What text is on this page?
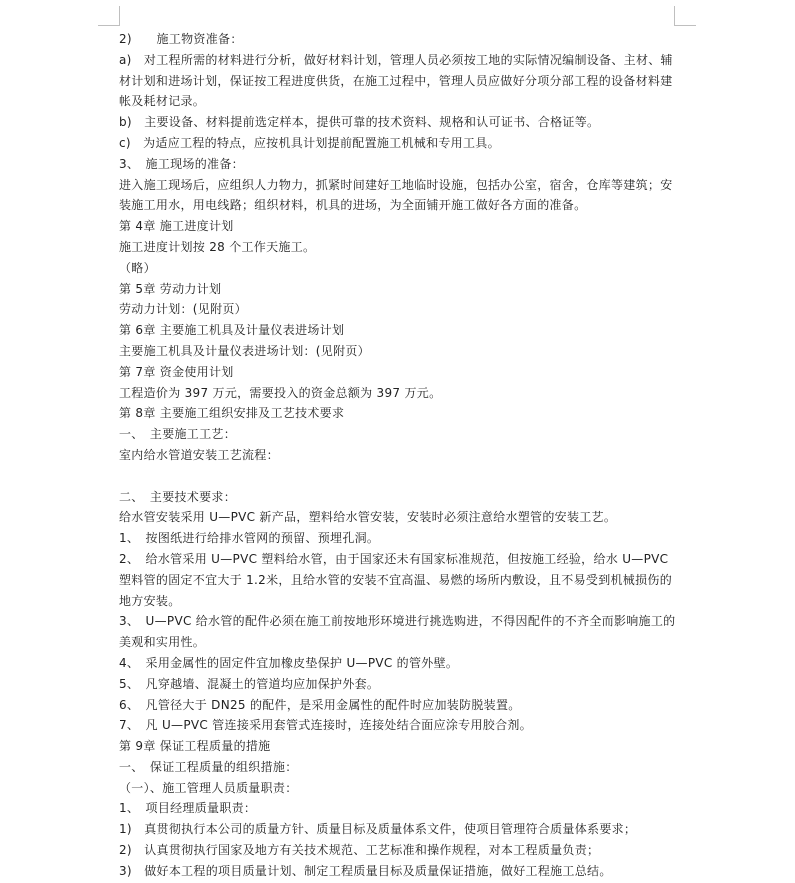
2)　　施工物资准备：

a)　对工程所需的材料进行分析，做好材料计划，管理人员必须按工地的实际情况编制设备、主材、辅材计划和进场计划，保证按工程进度供货，在施工过程中，管理人员应做好分项分部工程的设备材料建帐及耗材记录。

b)　主要设备、材料提前选定样本，提供可靠的技术资料、规格和认可证书、合格证等。

c)　为适应工程的特点，应按机具计划提前配置施工机械和专用工具。

3、　施工现场的准备：

进入施工现场后，应组织人力物力，抓紧时间建好工地临时设施，包括办公室，宿舍，仓库等建筑；安装施工用水，用电线路；组织材料，机具的进场，为全面铺开施工做好各方面的准备。

第 4章 施工进度计划

施工进度计划按 28 个工作天施工。

（略）

第 5章 劳动力计划

劳动力计划：(见附页）

第 6章 主要施工机具及计量仪表进场计划

主要施工机具及计量仪表进场计划：(见附页）

第 7章 资金使用计划

工程造价为 397 万元，需要投入的资金总额为 397 万元。

第 8章 主要施工组织安排及工艺技术要求

一、　主要施工工艺：

室内给水管道安装工艺流程：

二、　主要技术要求：

给水管安装采用 U—PVC 新产品，塑料给水管安装，安装时必须注意给水塑管的安装工艺。

1、　按图纸进行给排水管网的预留、预埋孔洞。

2、　给水管采用 U—PVC 塑料给水管，由于国家还未有国家标准规范，但按施工经验，给水 U—PVC 塑料管的固定不宜大于 1.2米，且给水管的安装不宜高温、易燃的场所内敷设，且不易受到机械损伤的地方安装。

3、　U—PVC 给水管的配件必须在施工前按地形环境进行挑选购进，不得因配件的不齐全而影响施工的美观和实用性。

4、　采用金属性的固定件宜加橡皮垫保护 U—PVC 的管外壁。

5、　凡穿越墙、混凝土的管道均应加保护外套。

6、　凡管径大于 DN25 的配件，是采用金属性的配件时应加装防脱装置。

7、　凡 U—PVC 管连接采用套管式连接时，连接处结合面应涂专用胶合剂。

第 9章 保证工程质量的措施

一、　保证工程质量的组织措施：

（一）、施工管理人员质量职责：

1、　项目经理质量职责：

1)　真贯彻执行本公司的质量方针、质量目标及质量体系文件，使项目管理符合质量体系要求；

2)　认真贯彻执行国家及地方有关技术规范、工艺标准和操作规程，对本工程质量负责；

3)　做好本工程的项目质量计划、制定工程质量目标及质量保证措施，做好工程施工总结。
